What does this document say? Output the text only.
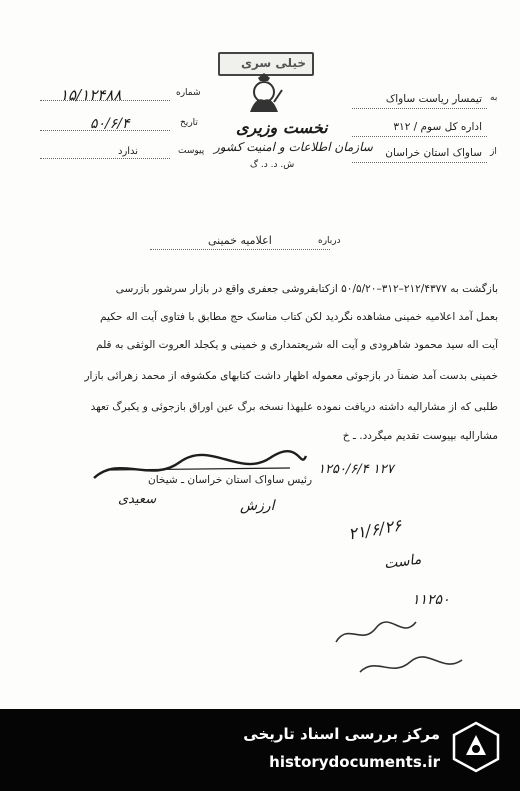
خیلی سری
نخست وزیری
سازمان اطلاعات و امنیت کشور
ش. د. د. گ
شماره
۱۵/۱۲۴۸۸
تاریخ
۵۰/۶/۴
پیوست
ندارد
به
تیمسار ریاست ساواک
اداره کل سوم / ۳۱۲
از
ساواک استان خراسان
درباره
اعلامیه خمینی
بازگشت به ۲۱۲/۴۳۷۷–۳۱۲–۵۰/۵/۲۰ ازکتابفروشی جعفری واقع در بازار سرشور بازرسی
بعمل آمد اعلامیه خمینی مشاهده نگردید لکن کتاب مناسک حج مطابق با فتاوی آیت اله حکیم
آیت اله سید محمود شاهرودی و آیت اله شریعتمداری و خمینی و یکجلد العروت الوثقی به قلم
خمینی بدست آمد ضمناً در بازجوئی معموله اظهار داشت کتابهای مکشوفه از محمد زهرائی بازار
طلبی که از مشارالیه داشته دریافت نموده علیهذا نسخه برگ عین اوراق بازجوئی و یکبرگ تعهد
مشارالیه بپیوست تقدیم میگردد. ـ خ
۱۲۵۰/۶/۴ ۱۲۷
رئیس ساواک استان خراسان ـ شیخان
ارزش
سعیدی
۲۱/۶/۲۶
ماست
۱۱۲۵۰
مرکز بررسی اسناد تاریخی
historydocuments.ir
